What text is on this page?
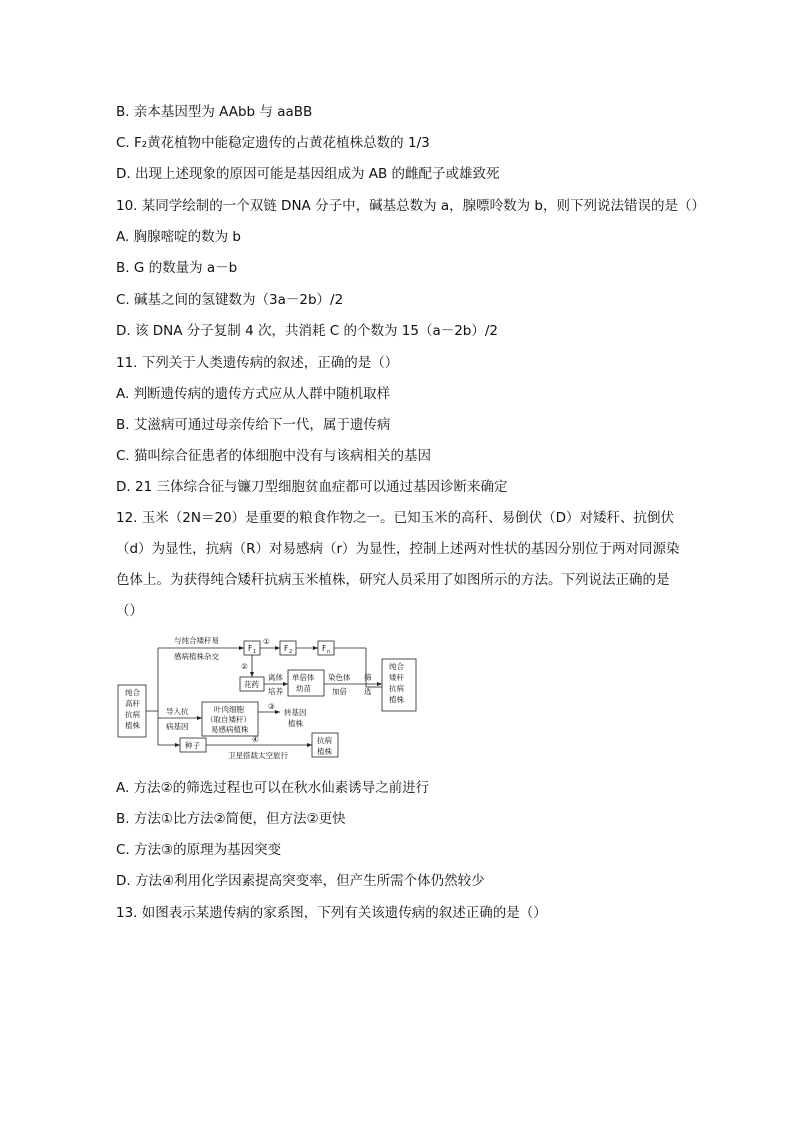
B. 亲本基因型为 AAbb 与 aaBB
C. F₂黄花植物中能稳定遗传的占黄花植株总数的 1/3
D. 出现上述现象的原因可能是基因组成为 AB 的雌配子或雄致死
10. 某同学绘制的一个双链 DNA 分子中，碱基总数为 a，腺嘌呤数为 b，则下列说法错误的是（）
A. 胸腺嘧啶的数为 b
B. G 的数量为 a－b
C. 碱基之间的氢键数为（3a－2b）/2
D. 该 DNA 分子复制 4 次，共消耗 C 的个数为 15（a－2b）/2
11. 下列关于人类遗传病的叙述，正确的是（）
A. 判断遗传病的遗传方式应从人群中随机取样
B. 艾滋病可通过母亲传给下一代，属于遗传病
C. 猫叫综合征患者的体细胞中没有与该病相关的基因
D. 21 三体综合征与镰刀型细胞贫血症都可以通过基因诊断来确定
12. 玉米（2N＝20）是重要的粮食作物之一。已知玉米的高秆、易倒伏（D）对矮秆、抗倒伏
（d）为显性，抗病（R）对易感病（r）为显性，控制上述两对性状的基因分别位于两对同源染
色体上。为获得纯合矮秆抗病玉米植株，研究人员采用了如图所示的方法。下列说法正确的是
（）
纯合
高秆
抗病
植株
与纯合矮秆易
感病植株杂交
F 1	F 2	F n
①
②
③
④
花药
离体
培养
单倍体
幼苗
染色体
加倍
筛
选
纯合
矮秆
抗病
植株
导入抗
病基因
叶肉细胞
（取自矮秆）
易感病植株
转基因
植株
种子
抗病
植株
卫星搭载太空旅行
A. 方法②的筛选过程也可以在秋水仙素诱导之前进行
B. 方法①比方法②简便，但方法②更快
C. 方法③的原理为基因突变
D. 方法④利用化学因素提高突变率，但产生所需个体仍然较少
13. 如图表示某遗传病的家系图，下列有关该遗传病的叙述正确的是（）
